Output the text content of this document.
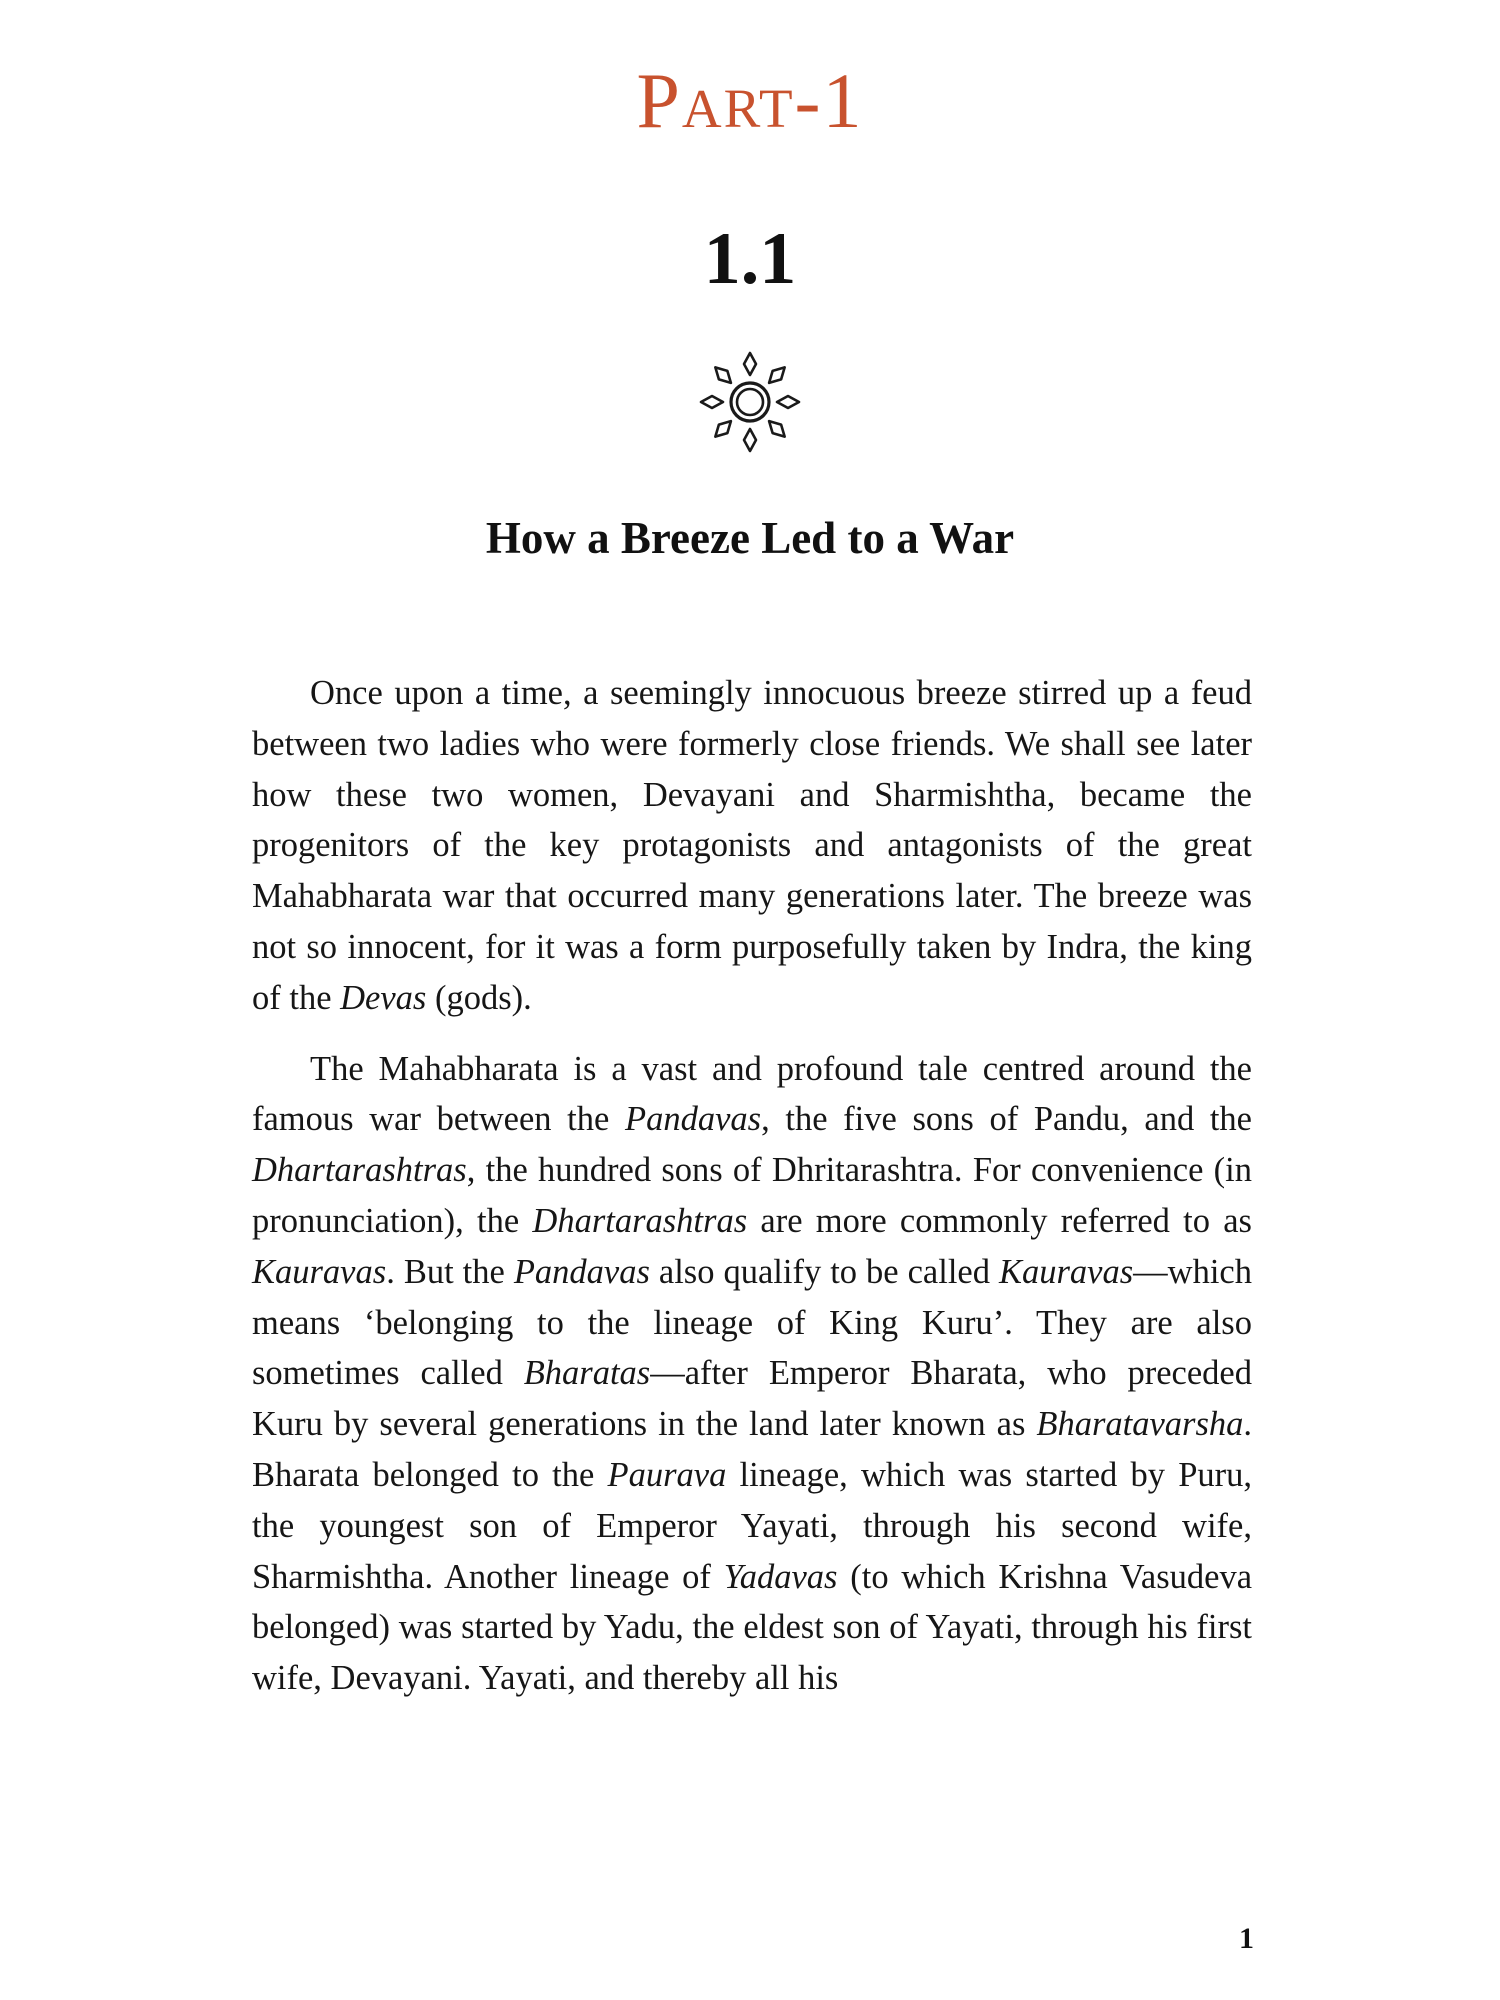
Part-1
1.1
How a Breeze Led to a War

Once upon a time, a seemingly innocuous breeze stirred up a feud between two ladies who were formerly close friends. We shall see later how these two women, Devayani and Sharmishtha, became the progenitors of the key protagonists and antagonists of the great Mahabharata war that occurred many generations later. The breeze was not so innocent, for it was a form purposefully taken by Indra, the king of the Devas (gods).

The Mahabharata is a vast and profound tale centred around the famous war between the Pandavas, the five sons of Pandu, and the Dhartarashtras, the hundred sons of Dhritarashtra. For convenience (in pronunciation), the Dhartarashtras are more commonly referred to as Kauravas. But the Pandavas also qualify to be called Kauravas—which means ‘belonging to the lineage of King Kuru’. They are also sometimes called Bharatas—after Emperor Bharata, who preceded Kuru by several generations in the land later known as Bharatavarsha. Bharata belonged to the Paurava lineage, which was started by Puru, the youngest son of Emperor Yayati, through his second wife, Sharmishtha. Another lineage of Yadavas (to which Krishna Vasudeva belonged) was started by Yadu, the eldest son of Yayati, through his first wife, Devayani. Yayati, and thereby all his

1
